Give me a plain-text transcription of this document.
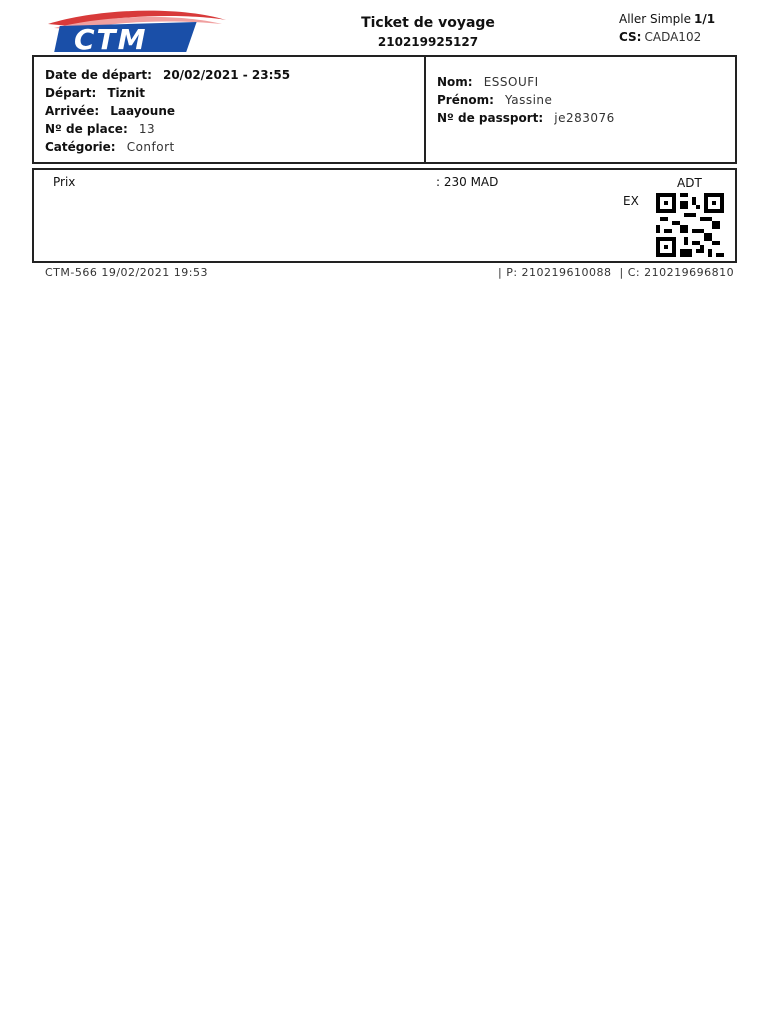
CTM	Ticket de voyage
210219925127
Aller Simple 1/1
CS: CADA102
Date de départ: 20/02/2021 - 23:55
Départ: Tiznit
Arrivée: Laayoune
Nº de place: 13
Catégorie: Confort
Nom: ESSOUFI
Prénom: Yassine
Nº de passport: je283076
Prix	: 230 MAD	ADT
EX
CTM-566 19/02/2021 19:53	| P: 210219610088  | C: 210219696810
